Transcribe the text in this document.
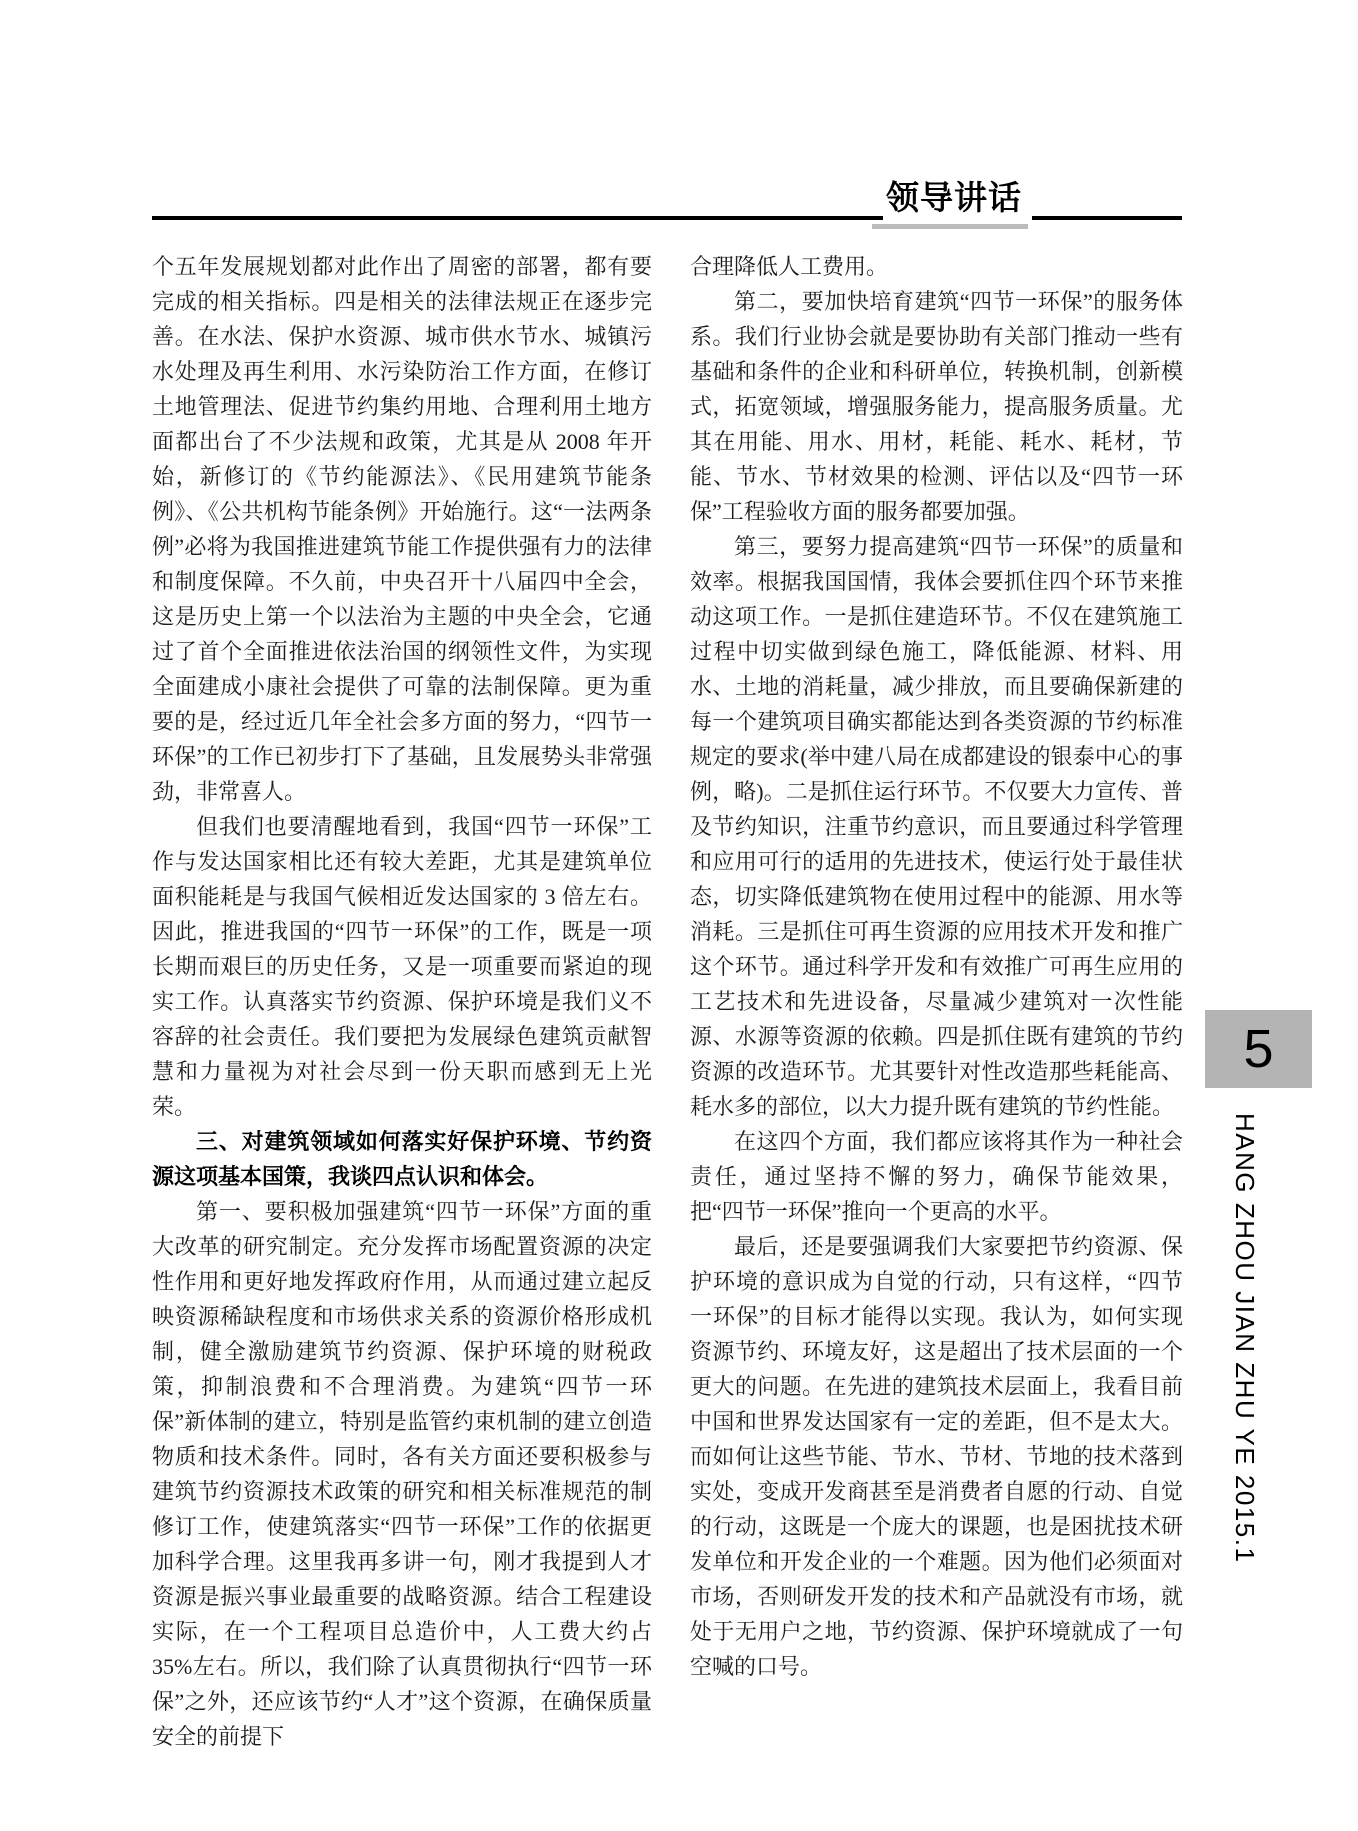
领导讲话

个五年发展规划都对此作出了周密的部署，都有要完成的相关指标。四是相关的法律法规正在逐步完善。在水法、保护水资源、城市供水节水、城镇污水处理及再生利用、水污染防治工作方面，在修订土地管理法、促进节约集约用地、合理利用土地方面都出台了不少法规和政策，尤其是从 2008 年开始，新修订的《节约能源法》、《民用建筑节能条例》、《公共机构节能条例》开始施行。这“一法两条例”必将为我国推进建筑节能工作提供强有力的法律和制度保障。不久前，中央召开十八届四中全会，这是历史上第一个以法治为主题的中央全会，它通过了首个全面推进依法治国的纲领性文件，为实现全面建成小康社会提供了可靠的法制保障。更为重要的是，经过近几年全社会多方面的努力，“四节一环保”的工作已初步打下了基础，且发展势头非常强劲，非常喜人。

但我们也要清醒地看到，我国“四节一环保”工作与发达国家相比还有较大差距，尤其是建筑单位面积能耗是与我国气候相近发达国家的 3 倍左右。因此，推进我国的“四节一环保”的工作，既是一项长期而艰巨的历史任务，又是一项重要而紧迫的现实工作。认真落实节约资源、保护环境是我们义不容辞的社会责任。我们要把为发展绿色建筑贡献智慧和力量视为对社会尽到一份天职而感到无上光荣。

三、对建筑领域如何落实好保护环境、节约资源这项基本国策，我谈四点认识和体会。

第一、要积极加强建筑“四节一环保”方面的重大改革的研究制定。充分发挥市场配置资源的决定性作用和更好地发挥政府作用，从而通过建立起反映资源稀缺程度和市场供求关系的资源价格形成机制，健全激励建筑节约资源、保护环境的财税政策，抑制浪费和不合理消费。为建筑“四节一环保”新体制的建立，特别是监管约束机制的建立创造物质和技术条件。同时，各有关方面还要积极参与建筑节约资源技术政策的研究和相关标准规范的制修订工作，使建筑落实“四节一环保”工作的依据更加科学合理。这里我再多讲一句，刚才我提到人才资源是振兴事业最重要的战略资源。结合工程建设实际，在一个工程项目总造价中，人工费大约占 35%左右。所以，我们除了认真贯彻执行“四节一环保”之外，还应该节约“人才”这个资源，在确保质量安全的前提下

合理降低人工费用。

第二，要加快培育建筑“四节一环保”的服务体系。我们行业协会就是要协助有关部门推动一些有基础和条件的企业和科研单位，转换机制，创新模式，拓宽领域，增强服务能力，提高服务质量。尤其在用能、用水、用材，耗能、耗水、耗材，节能、节水、节材效果的检测、评估以及“四节一环保”工程验收方面的服务都要加强。

第三，要努力提高建筑“四节一环保”的质量和效率。根据我国国情，我体会要抓住四个环节来推动这项工作。一是抓住建造环节。不仅在建筑施工过程中切实做到绿色施工，降低能源、材料、用水、土地的消耗量，减少排放，而且要确保新建的每一个建筑项目确实都能达到各类资源的节约标准规定的要求(举中建八局在成都建设的银泰中心的事例，略)。二是抓住运行环节。不仅要大力宣传、普及节约知识，注重节约意识，而且要通过科学管理和应用可行的适用的先进技术，使运行处于最佳状态，切实降低建筑物在使用过程中的能源、用水等消耗。三是抓住可再生资源的应用技术开发和推广这个环节。通过科学开发和有效推广可再生应用的工艺技术和先进设备，尽量减少建筑对一次性能源、水源等资源的依赖。四是抓住既有建筑的节约资源的改造环节。尤其要针对性改造那些耗能高、耗水多的部位，以大力提升既有建筑的节约性能。

在这四个方面，我们都应该将其作为一种社会责任，通过坚持不懈的努力，确保节能效果，把“四节一环保”推向一个更高的水平。

最后，还是要强调我们大家要把节约资源、保护环境的意识成为自觉的行动，只有这样，“四节一环保”的目标才能得以实现。我认为，如何实现资源节约、环境友好，这是超出了技术层面的一个更大的问题。在先进的建筑技术层面上，我看目前中国和世界发达国家有一定的差距，但不是太大。而如何让这些节能、节水、节材、节地的技术落到实处，变成开发商甚至是消费者自愿的行动、自觉的行动，这既是一个庞大的课题，也是困扰技术研发单位和开发企业的一个难题。因为他们必须面对市场，否则研发开发的技术和产品就没有市场，就处于无用户之地，节约资源、保护环境就成了一句空喊的口号。

5
HANG ZHOU JIAN ZHU YE 2015.1
